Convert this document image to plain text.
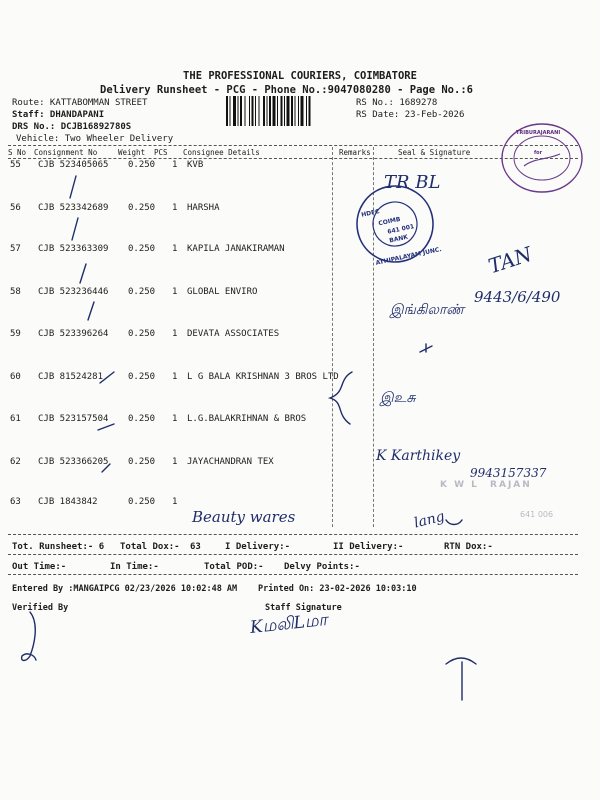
THE PROFESSIONAL COURIERS, COIMBATORE
Delivery Runsheet - PCG - Phone No.:9047080280 - Page No.:6
Route: KATTABOMMAN STREET
Staff: DHANDAPANI
DRS No.: DCJB16892780S
Vehicle: Two Wheeler Delivery
RS No.: 1689278
RS Date: 23-Feb-2026
S No Consignment No	Weight PCS Consignee Details	Remarks	Seal & Signature
55 CJB 523405065 0.250 1 KVB
56 CJB 523342689 0.250 1 HARSHA
57 CJB 523363309 0.250 1 KAPILA JANAKIRAMAN
58 CJB 523236446 0.250 1 GLOBAL ENVIRO
59 CJB 523396264 0.250 1 DEVATA ASSOCIATES
60 CJB 81524281	0.250 1 L G BALA KRISHNAN 3 BROS LTD
61 CJB 523157504 0.250 1 L.G.BALAKRIHNAN & BROS
62 CJB 523366205 0.250 1 JAYACHANDRAN TEX
63 CJB 1843842	0.250 1
HDFC
COIMB
641 001
BANK
ATHIPALAYAM JUNC.
TRIBURAJARANI
for
K W L RAJAN
641 006
TR BL
TAN
9443/6/490
இங்கிலாண்
இஉசு
K Karthikey
9943157337
Beauty wares	lang
Tot. Runsheet:- 6 Total Dox:- 63	I Delivery:-	II Delivery:-	RTN Dox:-
Out Time:-	In Time:-	Total POD:- Delvy Points:-
Entered By :MANGAIPCG 02/23/2026 10:02:48 AM Printed On: 23-02-2026 10:03:10
Verified By	Staff Signature
KமலிLமா
